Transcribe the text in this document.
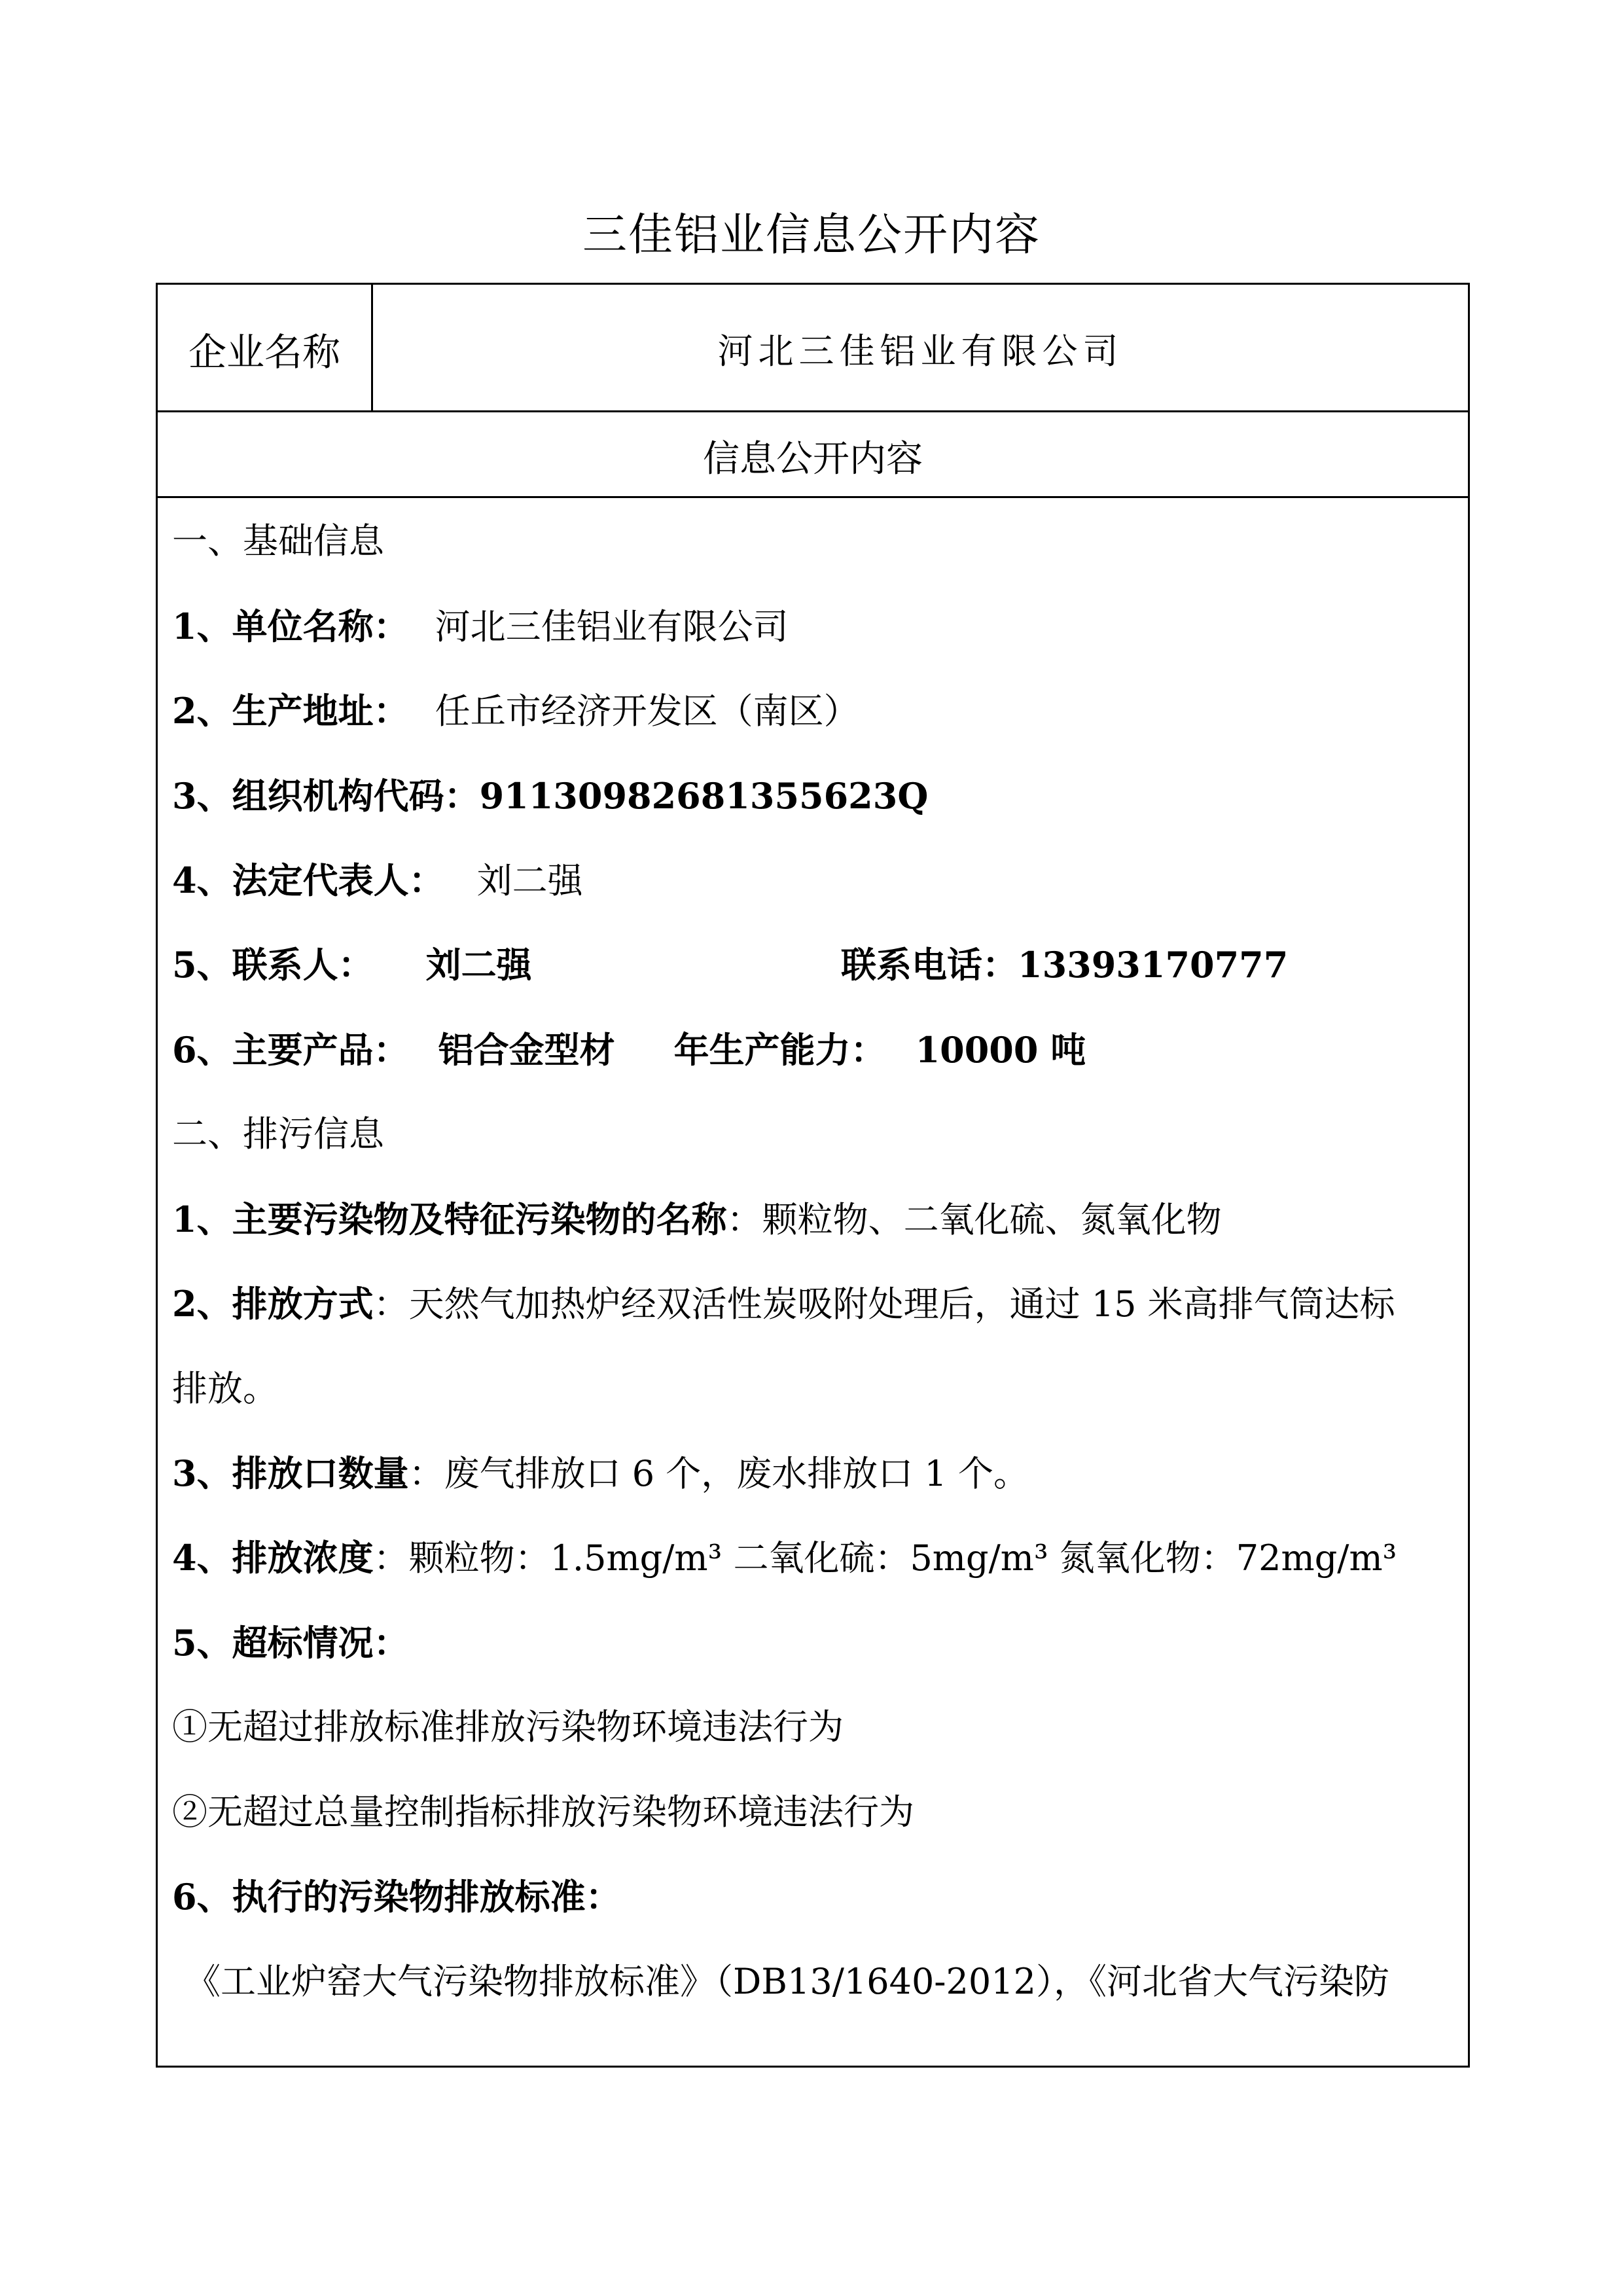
三佳铝业信息公开内容
企业名称	河北三佳铝业有限公司
信息公开内容
一、基础信息
1、单位名称： 河北三佳铝业有限公司
2、生产地址： 任丘市经济开发区（南区）
3、组织机构代码：91130982681355623Q
4、法定代表人： 刘二强
5、联系人： 刘二强	联系电话：13393170777
6、主要产品： 铝合金型材 年生产能力： 10000 吨
二、排污信息
1、主要污染物及特征污染物的名称：颗粒物、二氧化硫、氮氧化物
2、排放方式：天然气加热炉经双活性炭吸附处理后，通过 15 米高排气筒达标
排放。
3、排放口数量：废气排放口 6 个，废水排放口 1 个。
4、排放浓度：颗粒物：1.5mg/m³ 二氧化硫：5mg/m³ 氮氧化物：72mg/m³
5、超标情况：
①无超过排放标准排放污染物环境违法行为
②无超过总量控制指标排放污染物环境违法行为
6、执行的污染物排放标准：
《工业炉窑大气污染物排放标准》（DB13/1640-2012），《河北省大气污染防
